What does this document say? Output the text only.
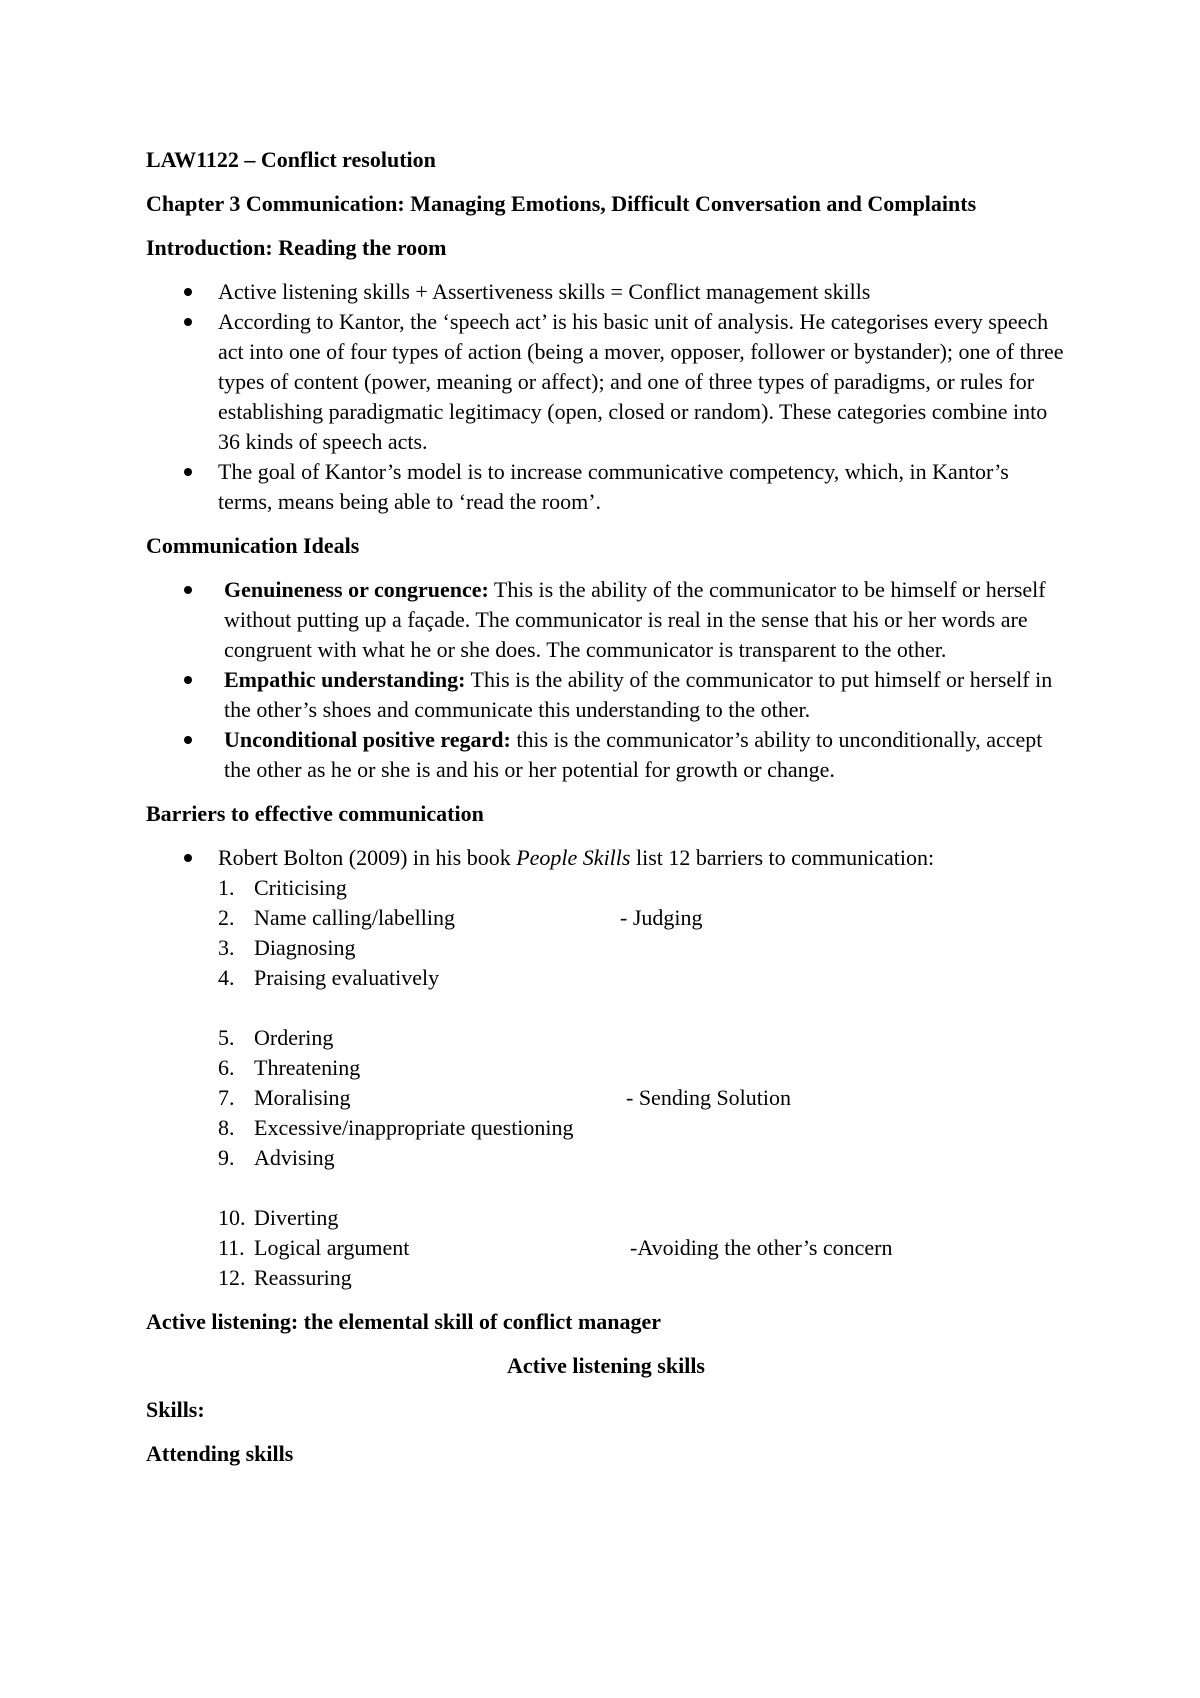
LAW1122 – Conflict resolution
Chapter 3 Communication: Managing Emotions, Difficult Conversation and Complaints
Introduction: Reading the room
Active listening skills + Assertiveness skills = Conflict management skills
According to Kantor, the ‘speech act’ is his basic unit of analysis. He categorises every speech act into one of four types of action (being a mover, opposer, follower or bystander); one of three types of content (power, meaning or affect); and one of three types of paradigms, or rules for establishing paradigmatic legitimacy (open, closed or random). These categories combine into 36 kinds of speech acts.
The goal of Kantor’s model is to increase communicative competency, which, in Kantor’s terms, means being able to ‘read the room’.
Communication Ideals
Genuineness or congruence: This is the ability of the communicator to be himself or herself without putting up a façade. The communicator is real in the sense that his or her words are congruent with what he or she does. The communicator is transparent to the other.
Empathic understanding: This is the ability of the communicator to put himself or herself in the other’s shoes and communicate this understanding to the other.
Unconditional positive regard: this is the communicator’s ability to unconditionally, accept the other as he or she is and his or her potential for growth or change.
Barriers to effective communication
Robert Bolton (2009) in his book People Skills list 12 barriers to communication:
1. Criticising
2. Name calling/labelling	- Judging
3. Diagnosing
4. Praising evaluatively
5. Ordering
6. Threatening
7. Moralising	- Sending Solution
8. Excessive/inappropriate questioning
9. Advising
10. Diverting
11. Logical argument	-Avoiding the other’s concern
12. Reassuring
Active listening: the elemental skill of conflict manager
Active listening skills
Skills:
Attending skills
